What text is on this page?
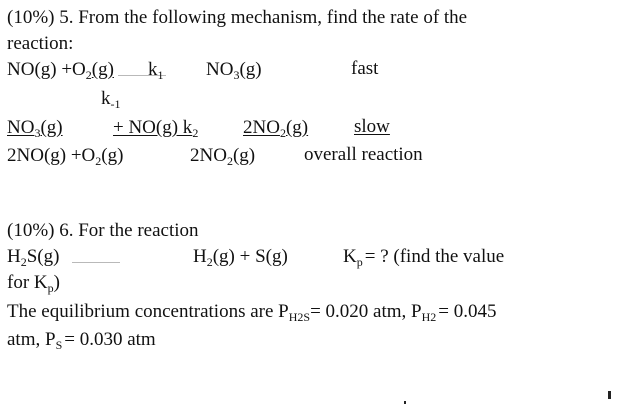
(10%) 5. From the following mechanism, find the rate of the
reaction:
$NO(g) +O_2(g)$ $k_1$ $NO_3(g)$	fast
$k_{-1}$
$NO_3(g)$	+ NO(g) $k_2$ $2NO_2(g)$ slow
$2NO(g) +O_2(g)$	$2NO_2(g)$	overall reaction
(10%) 6. For the reaction
$H_2S(g)$	$H_2(g) + S(g)$	$K_p$ = ? (find the value
for $K_p$)
The equilibrium concentrations are $P_{H2S}= 0.020$ atm, $P_{H2} = 0.045$
atm, $P_S = 0.030$ atm
